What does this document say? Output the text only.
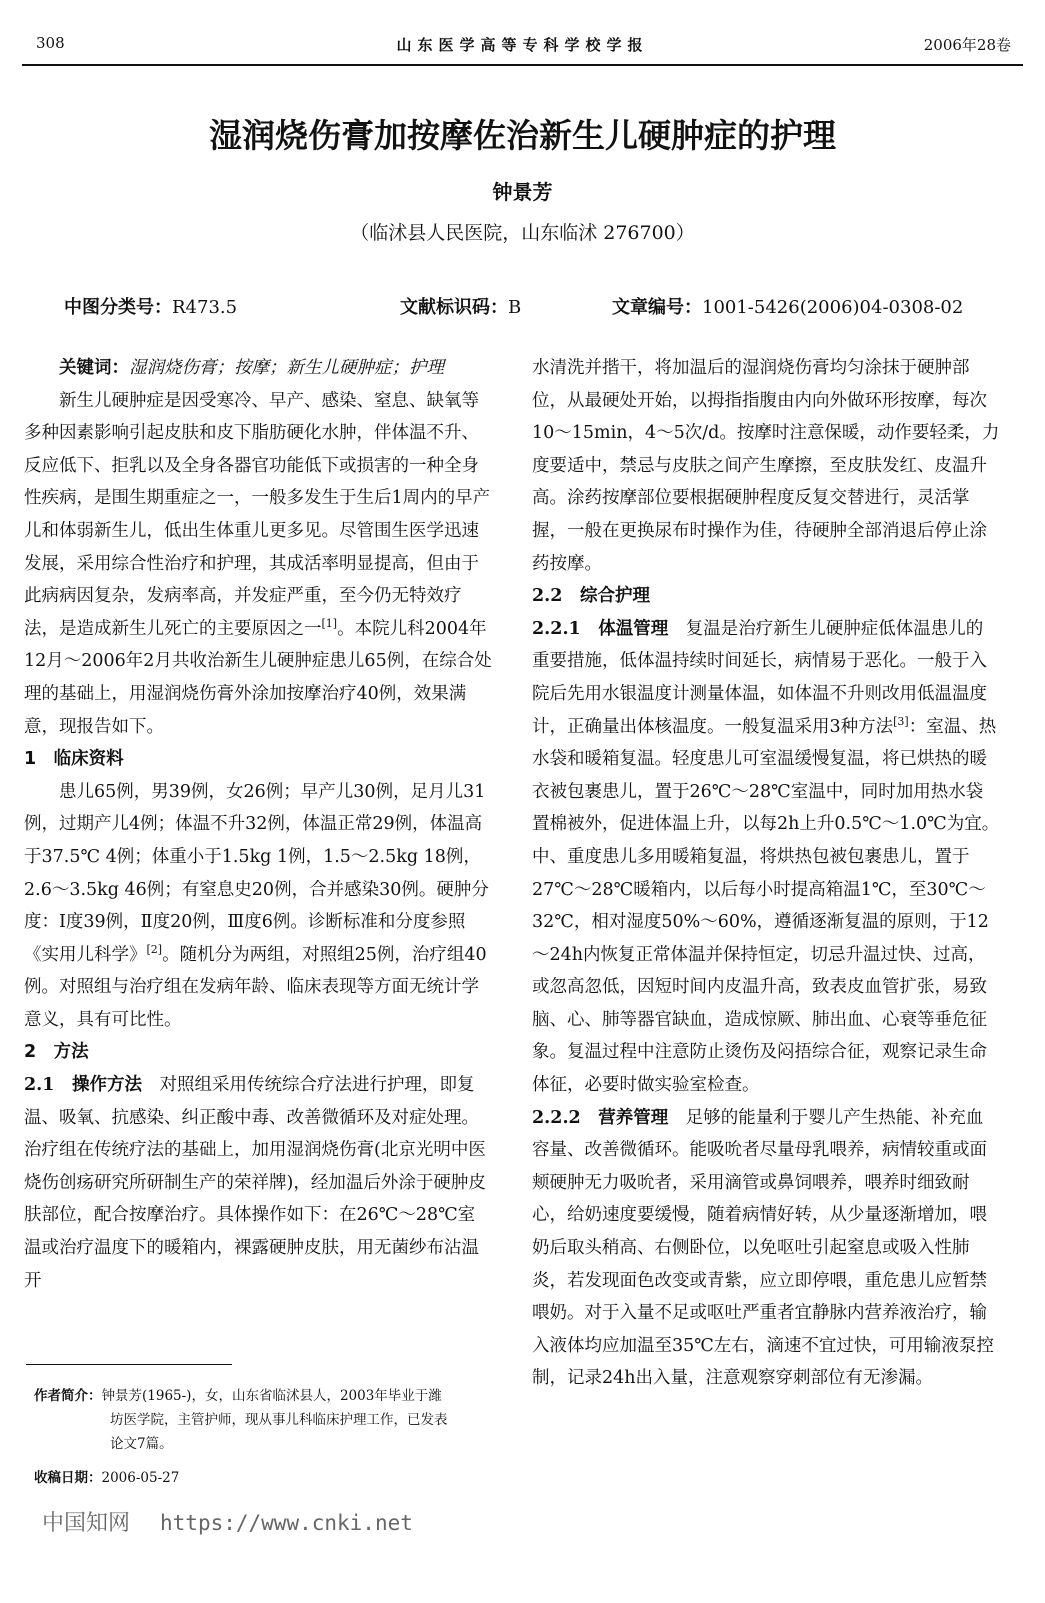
308	山东医学高等专科学校学报	2006年28卷
湿润烧伤膏加按摩佐治新生儿硬肿症的护理
钟景芳
（临沭县人民医院，山东临沭 276700）
中图分类号：R473.5	文献标识码：B	文章编号：1001-5426(2006)04-0308-02

关键词：湿润烧伤膏；按摩；新生儿硬肿症；护理

新生儿硬肿症是因受寒冷、早产、感染、窒息、缺氧等多种因素影响引起皮肤和皮下脂肪硬化水肿，伴体温不升、反应低下、拒乳以及全身各器官功能低下或损害的一种全身性疾病，是围生期重症之一，一般多发生于生后1周内的早产儿和体弱新生儿，低出生体重儿更多见。尽管围生医学迅速发展，采用综合性治疗和护理，其成活率明显提高，但由于此病病因复杂，发病率高，并发症严重，至今仍无特效疗法，是造成新生儿死亡的主要原因之一[1]。本院儿科2004年12月～2006年2月共收治新生儿硬肿症患儿65例，在综合处理的基础上，用湿润烧伤膏外涂加按摩治疗40例，效果满意，现报告如下。

1　临床资料

患儿65例，男39例，女26例；早产儿30例，足月儿31例，过期产儿4例；体温不升32例，体温正常29例，体温高于37.5℃ 4例；体重小于1.5kg 1例，1.5～2.5kg 18例，2.6～3.5kg 46例；有窒息史20例，合并感染30例。硬肿分度：Ⅰ度39例，Ⅱ度20例，Ⅲ度6例。诊断标准和分度参照《实用儿科学》[2]。随机分为两组，对照组25例，治疗组40例。对照组与治疗组在发病年龄、临床表现等方面无统计学意义，具有可比性。

2　方法

2.1　操作方法　对照组采用传统综合疗法进行护理，即复温、吸氧、抗感染、纠正酸中毒、改善微循环及对症处理。治疗组在传统疗法的基础上，加用湿润烧伤膏(北京光明中医烧伤创疡研究所研制生产的荣祥牌)，经加温后外涂于硬肿皮肤部位，配合按摩治疗。具体操作如下：在26℃～28℃室温或治疗温度下的暖箱内，裸露硬肿皮肤，用无菌纱布沾温开

水清洗并揩干，将加温后的湿润烧伤膏均匀涂抹于硬肿部位，从最硬处开始，以拇指指腹由内向外做环形按摩，每次10～15min，4～5次/d。按摩时注意保暖，动作要轻柔，力度要适中，禁忌与皮肤之间产生摩擦，至皮肤发红、皮温升高。涂药按摩部位要根据硬肿程度反复交替进行，灵活掌握，一般在更换尿布时操作为佳，待硬肿全部消退后停止涂药按摩。

2.2　综合护理

2.2.1　体温管理　复温是治疗新生儿硬肿症低体温患儿的重要措施，低体温持续时间延长，病情易于恶化。一般于入院后先用水银温度计测量体温，如体温不升则改用低温温度计，正确量出体核温度。一般复温采用3种方法[3]：室温、热水袋和暖箱复温。轻度患儿可室温缓慢复温，将已烘热的暖衣被包裹患儿，置于26℃～28℃室温中，同时加用热水袋置棉被外，促进体温上升，以每2h上升0.5℃～1.0℃为宜。中、重度患儿多用暖箱复温，将烘热包被包裹患儿，置于27℃～28℃暖箱内，以后每小时提高箱温1℃，至30℃～32℃，相对湿度50%～60%，遵循逐渐复温的原则，于12～24h内恢复正常体温并保持恒定，切忌升温过快、过高，或忽高忽低，因短时间内皮温升高，致表皮血管扩张，易致脑、心、肺等器官缺血，造成惊厥、肺出血、心衰等垂危征象。复温过程中注意防止烫伤及闷捂综合征，观察记录生命体征，必要时做实验室检查。

2.2.2　营养管理　足够的能量利于婴儿产生热能、补充血容量、改善微循环。能吸吮者尽量母乳喂养，病情较重或面颊硬肿无力吸吮者，采用滴管或鼻饲喂养，喂养时细致耐心，给奶速度要缓慢，随着病情好转，从少量逐渐增加，喂奶后取头稍高、右侧卧位，以免呕吐引起窒息或吸入性肺炎，若发现面色改变或青紫，应立即停喂，重危患儿应暂禁喂奶。对于入量不足或呕吐严重者宜静脉内营养液治疗，输入液体均应加温至35℃左右，滴速不宜过快，可用输液泵控制，记录24h出入量，注意观察穿刺部位有无渗漏。

作者简介：钟景芳(1965-)，女，山东省临沭县人，2003年毕业于潍
坊医学院，主管护师，现从事儿科临床护理工作，已发表
论文7篇。
收稿日期：2006-05-27
中国知网 https://www.cnki.net
